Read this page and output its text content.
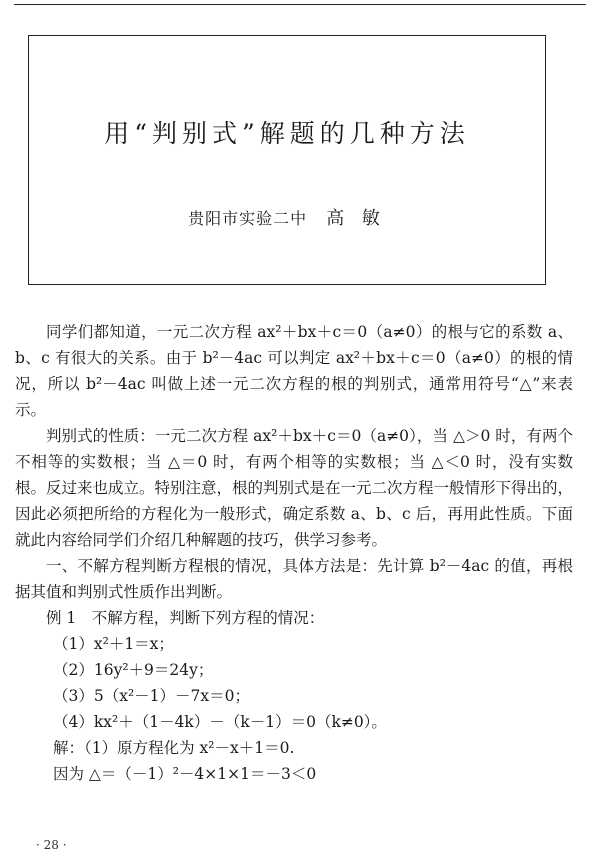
用“判别式”解题的几种方法
贵阳市实验二中 高 敏

同学们都知道，一元二次方程 ax²＋bx＋c＝0（a≠0）的根与它的系数 a、b、c 有很大的关系。由于 b²－4ac 可以判定 ax²＋bx＋c＝0（a≠0）的根的情况，所以 b²－4ac 叫做上述一元二次方程的根的判别式，通常用符号“△”来表示。

判别式的性质：一元二次方程 ax²＋bx＋c＝0（a≠0），当 △＞0 时，有两个不相等的实数根；当 △＝0 时，有两个相等的实数根；当 △＜0 时，没有实数根。反过来也成立。特别注意，根的判别式是在一元二次方程一般情形下得出的，因此必须把所给的方程化为一般形式，确定系数 a、b、c 后，再用此性质。下面就此内容给同学们介绍几种解题的技巧，供学习参考。

一、不解方程判断方程根的情况，具体方法是：先计算 b²－4ac 的值，再根据其值和判别式性质作出判断。

例 1　不解方程，判断下列方程的情况：
（1）x²＋1＝x；
（2）16y²＋9＝24y；
（3）5（x²－1）－7x＝0；
（4）kx²＋（1－4k）－（k－1）＝0（k≠0）。
解：（1）原方程化为 x²－x＋1＝0.
因为 △＝（－1）²－4×1×1＝－3＜0
· 28 ·
